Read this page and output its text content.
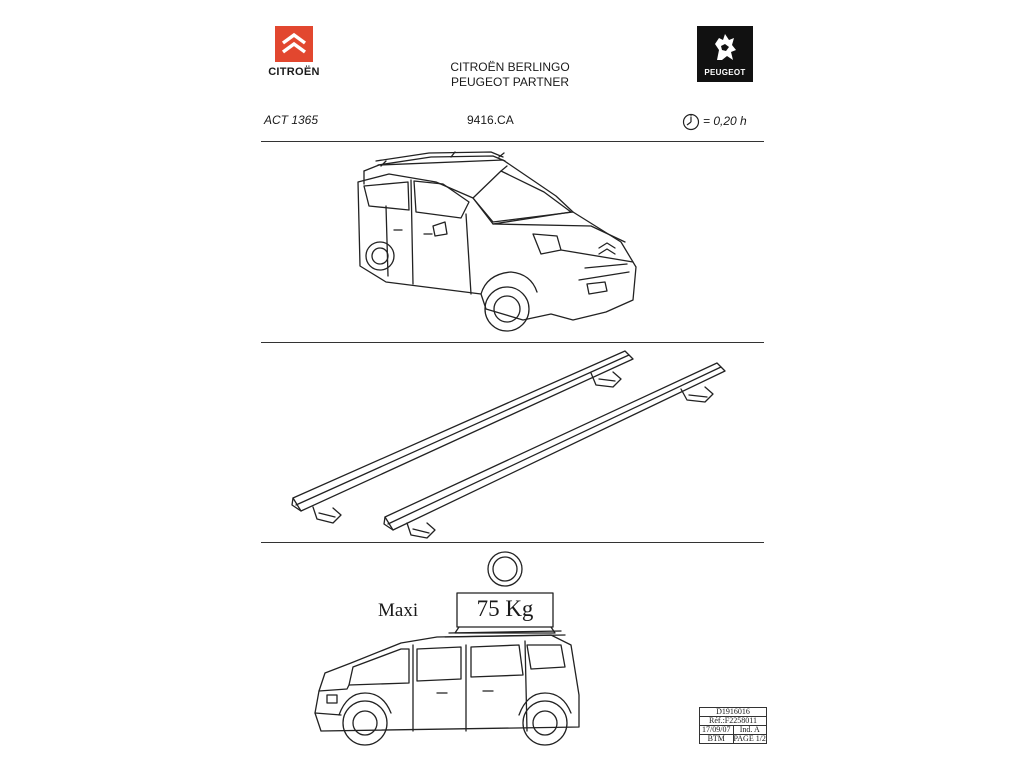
CITROËN	CITROËN BERLINGO
PEUGEOT PARTNER
PEUGEOT
ACT 1365	9416.CA	= 0,20 h
Maxi	75 Kg
D1916016
Réf.:F2258011
17/09/07	Ind. A
BTM	PAGE 1/2
